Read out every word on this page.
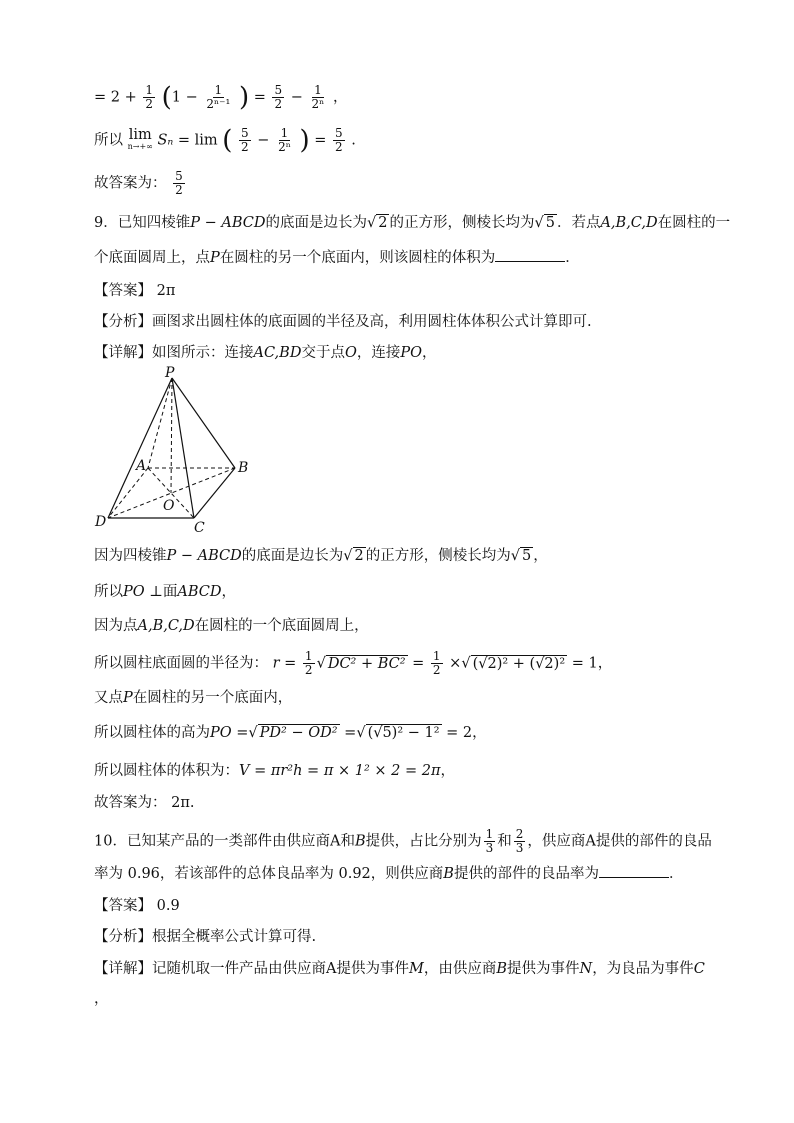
= $2 + \frac{1}{2} (1 - \frac{1}{\text{2ⁿ⁻¹}}$ ) = $\frac{5}{2} - \frac{1}{\text{2ⁿ}}$ ，
所以 lim
n→+∞ Sₙ = lim ( $\frac{5}{2} - \frac{1}{\text{2ⁿ}}$ ) = $\frac{5}{2}$ .
故答案为： $\frac{5}{2}$
9．已知四棱锥P − ABCD的底面是边长为√ 2 的正方形，侧棱长均为√ 5 ．若点A,B,C,D在圆柱的一
个底面圆周上，点P在圆柱的另一个底面内，则该圆柱的体积为	．
【答案】 2π
【分析】画图求出圆柱体的底面圆的半径及高，利用圆柱体体积公式计算即可.
【详解】如图所示：连接AC,BD交于点O，连接PO，
P
A	B
C
D
O
因为四棱锥P − ABCD的底面是边长为√ 2 的正方形，侧棱长均为√ 5 ，
所以PO ⊥面ABCD，
因为点A,B,C,D在圆柱的一个底面圆周上，
所以圆柱底面圆的半径为： $r = \frac{1}{2}$ √ $DC^2 + BC^2 = \frac{1}{2}$ ×√ (√2)² + (√2)² = 1，
又点P在圆柱的另一个底面内，
所以圆柱体的高为PO =√ PD² − OD² =√ (√5)² − 1² = 2，
所以圆柱体的体积为：V = πr²h = π × 1² × 2 = 2π，
故答案为： 2π.
10．已知某产品的一类部件由供应商A和B提供，占比分别为 $\frac{1}{3}$ 和 $\frac{2}{3}$ ，供应商A提供的部件的良品
率为 0.96，若该部件的总体良品率为 0.92，则供应商B提供的部件的良品率为	．
【答案】 0.9
【分析】根据全概率公式计算可得.
【详解】记随机取一件产品由供应商A提供为事件M，由供应商B提供为事件N，为良品为事件C
，
